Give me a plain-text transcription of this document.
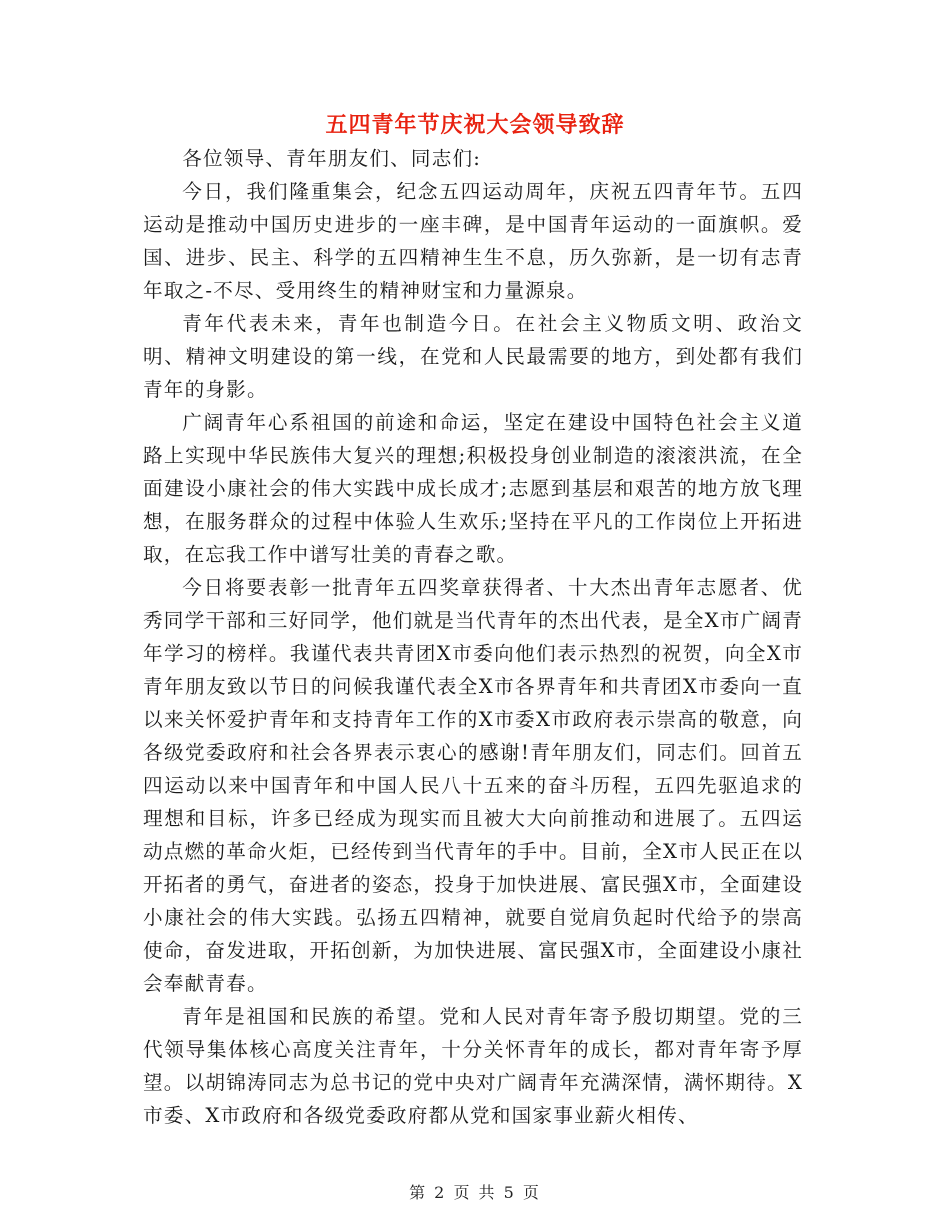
五四青年节庆祝大会领导致辞

各位领导、青年朋友们、同志们:

今日，我们隆重集会，纪念五四运动周年，庆祝五四青年节。五四运动是推动中国历史进步的一座丰碑，是中国青年运动的一面旗帜。爱国、进步、民主、科学的五四精神生生不息，历久弥新，是一切有志青年取之-不尽、受用终生的精神财宝和力量源泉。

青年代表未来，青年也制造今日。在社会主义物质文明、政治文明、精神文明建设的第一线，在党和人民最需要的地方，到处都有我们青年的身影。

广阔青年心系祖国的前途和命运，坚定在建设中国特色社会主义道路上实现中华民族伟大复兴的理想;积极投身创业制造的滚滚洪流，在全面建设小康社会的伟大实践中成长成才;志愿到基层和艰苦的地方放飞理想，在服务群众的过程中体验人生欢乐;坚持在平凡的工作岗位上开拓进取，在忘我工作中谱写壮美的青春之歌。

今日将要表彰一批青年五四奖章获得者、十大杰出青年志愿者、优秀同学干部和三好同学，他们就是当代青年的杰出代表，是全X市广阔青年学习的榜样。我谨代表共青团X市委向他们表示热烈的祝贺，向全X市青年朋友致以节日的问候我谨代表全X市各界青年和共青团X市委向一直以来关怀爱护青年和支持青年工作的X市委X市政府表示崇高的敬意，向各级党委政府和社会各界表示衷心的感谢!青年朋友们，同志们。回首五四运动以来中国青年和中国人民八十五来的奋斗历程，五四先驱追求的理想和目标，许多已经成为现实而且被大大向前推动和进展了。五四运动点燃的革命火炬，已经传到当代青年的手中。目前，全X市人民正在以开拓者的勇气，奋进者的姿态，投身于加快进展、富民强X市，全面建设小康社会的伟大实践。弘扬五四精神，就要自觉肩负起时代给予的崇高使命，奋发进取，开拓创新，为加快进展、富民强X市，全面建设小康社会奉献青春。

青年是祖国和民族的希望。党和人民对青年寄予殷切期望。党的三代领导集体核心高度关注青年，十分关怀青年的成长，都对青年寄予厚望。以胡锦涛同志为总书记的党中央对广阔青年充满深情，满怀期待。X市委、X市政府和各级党委政府都从党和国家事业薪火相传、

第 2 页 共 5 页
